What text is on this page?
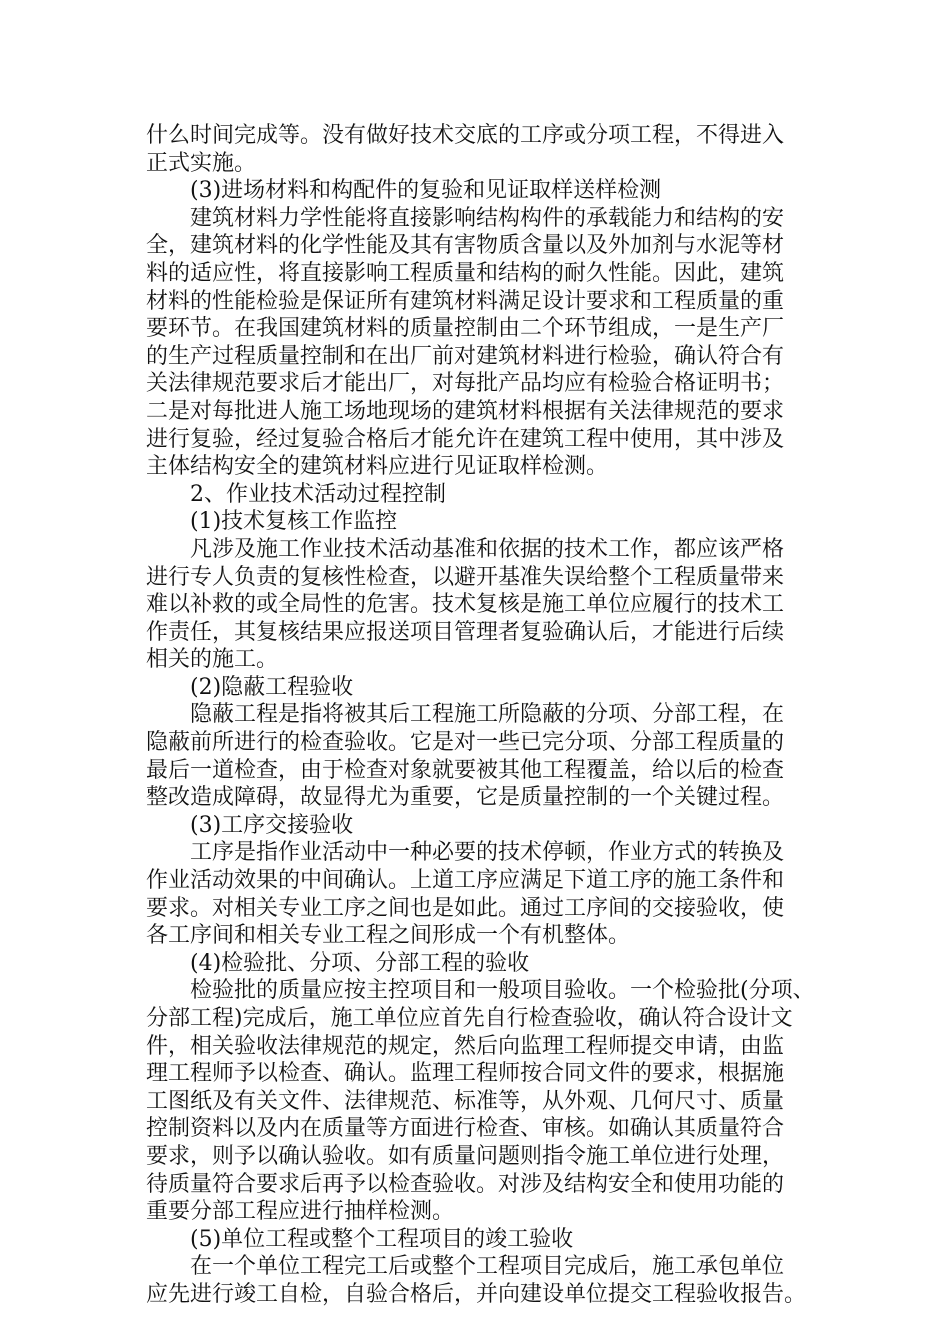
什么时间完成等。没有做好技术交底的工序或分项工程，不得进入
正式实施。

(3)进场材料和构配件的复验和见证取样送样检测

建筑材料力学性能将直接影响结构构件的承载能力和结构的安
全，建筑材料的化学性能及其有害物质含量以及外加剂与水泥等材
料的适应性，将直接影响工程质量和结构的耐久性能。因此，建筑
材料的性能检验是保证所有建筑材料满足设计要求和工程质量的重
要环节。在我国建筑材料的质量控制由二个环节组成，一是生产厂
的生产过程质量控制和在出厂前对建筑材料进行检验，确认符合有
关法律规范要求后才能出厂，对每批产品均应有检验合格证明书；
二是对每批进人施工场地现场的建筑材料根据有关法律规范的要求
进行复验，经过复验合格后才能允许在建筑工程中使用，其中涉及
主体结构安全的建筑材料应进行见证取样检测。

2、作业技术活动过程控制

(1)技术复核工作监控

凡涉及施工作业技术活动基准和依据的技术工作，都应该严格
进行专人负责的复核性检查，以避开基准失误给整个工程质量带来
难以补救的或全局性的危害。技术复核是施工单位应履行的技术工
作责任，其复核结果应报送项目管理者复验确认后，才能进行后续
相关的施工。

(2)隐蔽工程验收

隐蔽工程是指将被其后工程施工所隐蔽的分项、分部工程，在
隐蔽前所进行的检查验收。它是对一些已完分项、分部工程质量的
最后一道检查，由于检查对象就要被其他工程覆盖，给以后的检查
整改造成障碍，故显得尤为重要，它是质量控制的一个关键过程。

(3)工序交接验收

工序是指作业活动中一种必要的技术停顿，作业方式的转换及
作业活动效果的中间确认。上道工序应满足下道工序的施工条件和
要求。对相关专业工序之间也是如此。通过工序间的交接验收，使
各工序间和相关专业工程之间形成一个有机整体。

(4)检验批、分项、分部工程的验收

检验批的质量应按主控项目和一般项目验收。一个检验批(分项、
分部工程)完成后，施工单位应首先自行检查验收，确认符合设计文
件，相关验收法律规范的规定，然后向监理工程师提交申请，由监
理工程师予以检查、确认。监理工程师按合同文件的要求，根据施
工图纸及有关文件、法律规范、标准等，从外观、几何尺寸、质量
控制资料以及内在质量等方面进行检查、审核。如确认其质量符合
要求，则予以确认验收。如有质量问题则指令施工单位进行处理，
待质量符合要求后再予以检查验收。对涉及结构安全和使用功能的
重要分部工程应进行抽样检测。

(5)单位工程或整个工程项目的竣工验收

在一个单位工程完工后或整个工程项目完成后，施工承包单位
应先进行竣工自检，自验合格后，并向建设单位提交工程验收报告。
